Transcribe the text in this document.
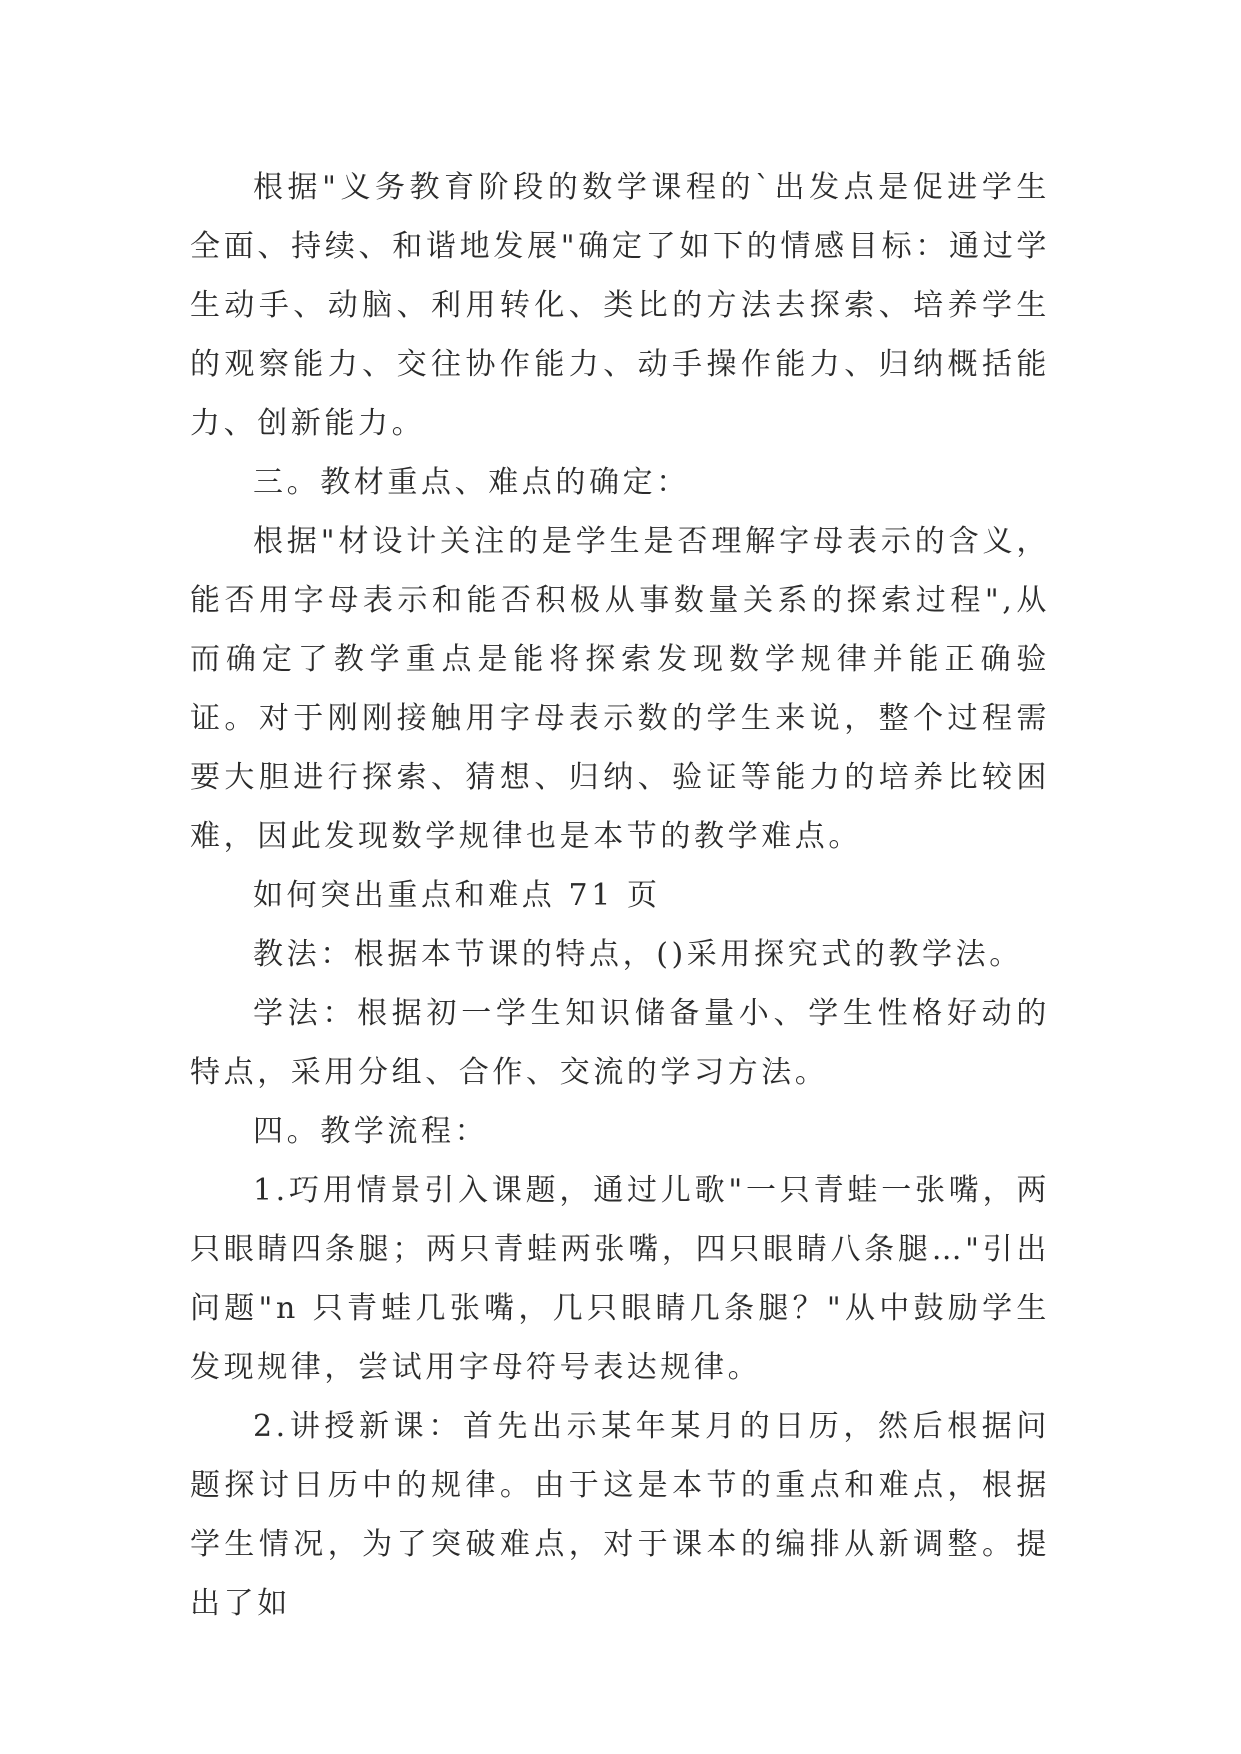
根据"义务教育阶段的数学课程的`出发点是促进学生全面、持续、和谐地发展"确定了如下的情感目标：通过学生动手、动脑、利用转化、类比的方法去探索、培养学生的观察能力、交往协作能力、动手操作能力、归纳概括能力、创新能力。

三。教材重点、难点的确定：

根据"材设计关注的是学生是否理解字母表示的含义，能否用字母表示和能否积极从事数量关系的探索过程",从而确定了教学重点是能将探索发现数学规律并能正确验证。对于刚刚接触用字母表示数的学生来说，整个过程需要大胆进行探索、猜想、归纳、验证等能力的培养比较困难，因此发现数学规律也是本节的教学难点。

如何突出重点和难点 71 页

教法：根据本节课的特点，()采用探究式的教学法。

学法：根据初一学生知识储备量小、学生性格好动的特点，采用分组、合作、交流的学习方法。

四。教学流程：

1.巧用情景引入课题，通过儿歌"一只青蛙一张嘴，两只眼睛四条腿；两只青蛙两张嘴，四只眼睛八条腿…"引出问题"n 只青蛙几张嘴，几只眼睛几条腿？"从中鼓励学生发现规律，尝试用字母符号表达规律。

2.讲授新课：首先出示某年某月的日历，然后根据问题探讨日历中的规律。由于这是本节的重点和难点，根据学生情况，为了突破难点，对于课本的编排从新调整。提出了如
